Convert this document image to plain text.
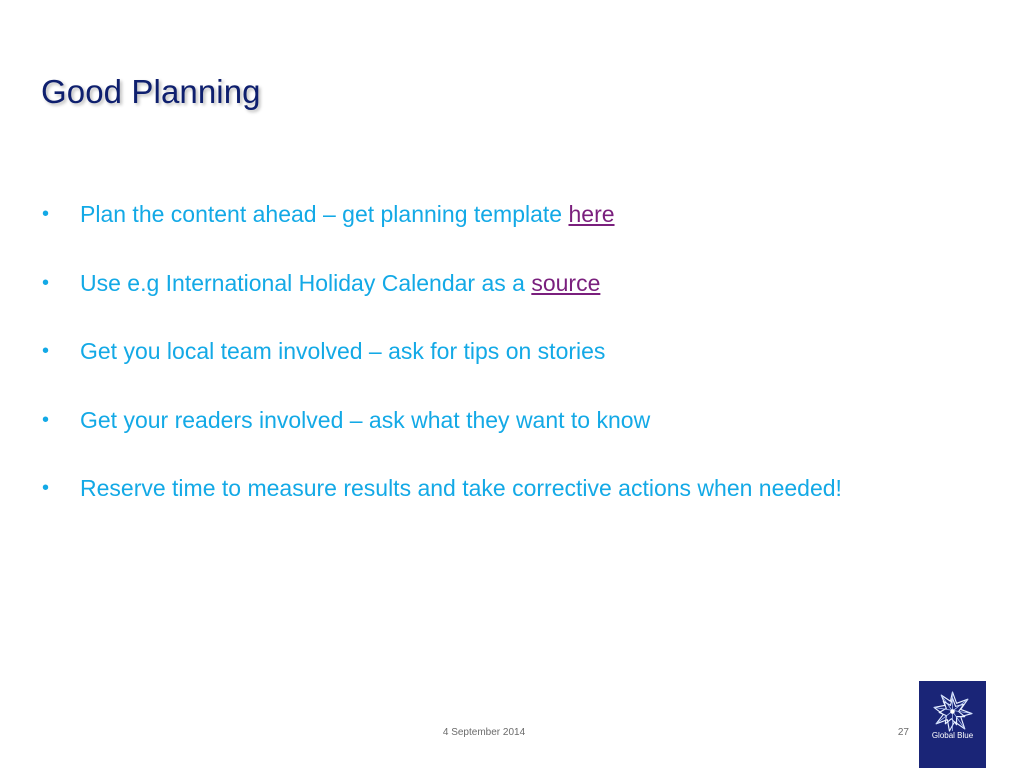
Good Planning
• Plan the content ahead – get planning template here
• Use e.g International Holiday Calendar as a source
• Get you local team involved – ask for tips on stories
• Get your readers involved – ask what they want to know
• Reserve time to measure results and take corrective actions when needed!
4 September 2014	27	Global Blue
